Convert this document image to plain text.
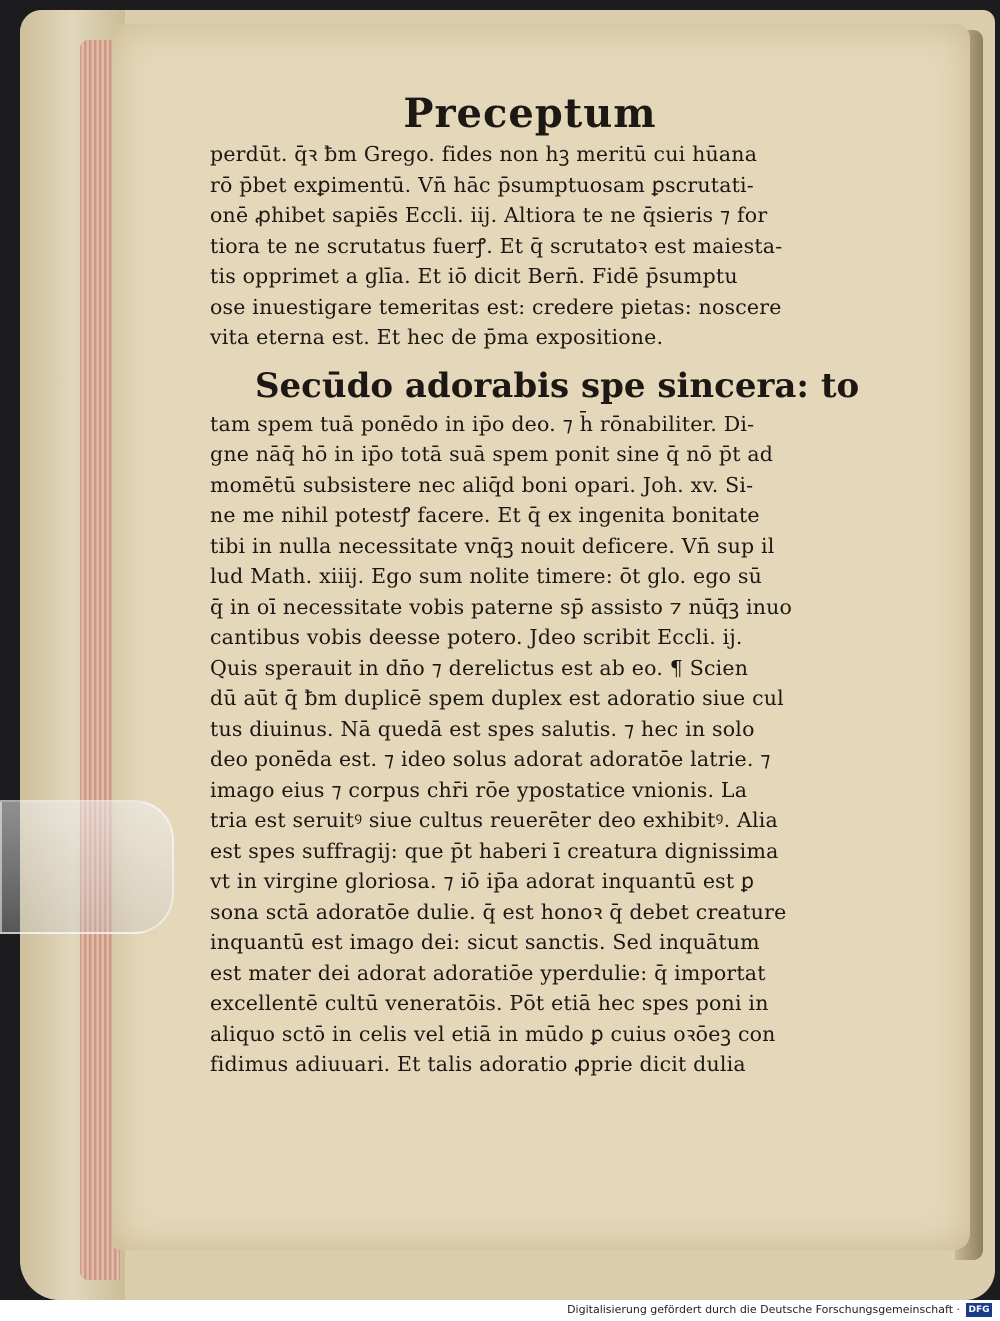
Preceptum
perdūt. q̄ꝛ ƀm Grego. fides non hꝫ meritū cui hūana
rō p̄bet exꝑimentū. Vn̄ hāc p̄sumptuosam ꝑscrutati-
onē ꝓhibet sapiēs Eccli. iij. Altiora te ne q̄sieris ⁊ for
tiora te ne scrutatus fuerꝭ. Et q̄ scrutatoꝛ est maiesta-
tis opprimet a glīa. Et iō dicit Bern̄. Fidē p̄sumptu
ose inuestigare temeritas est: credere pietas: noscere
vita eterna est. Et hec de p̄ma expositione.
Secūdo adorabis spe sincera: to
tam spem tuā ponēdo in ip̄o deo. ⁊ h̄ rōnabiliter. Di-
gne nāq̄ hō in ip̄o totā suā spem ponit sine q̄ nō p̄t ad
momētū subsistere nec aliq̄d boni opari. Joh. xv. Si-
ne me nihil potestꝭ facere. Et q̄ ex ingenita bonitate
tibi in nulla necessitate vnq̄ꝫ nouit deficere. Vn̄ sup il
lud Math. xiiij. Ego sum nolite timere: ōt glo. ego sū
q̄ in oī necessitate vobis paterne sp̄ assisto ⁊ nūq̄ꝫ inuo
cantibus vobis deesse potero. Jdeo scribit Eccli. ij.
Quis sperauit in dn̄o ⁊ derelictus est ab eo. ¶ Scien
dū aūt q̄ ƀm duplicē spem duplex est adoratio siue cul
tus diuinus. Nā quedā est spes salutis. ⁊ hec in solo
deo ponēda est. ⁊ ideo solus adorat adoratōe latrie. ⁊
imago eius ⁊ corpus chr̄i rōe ypostatice vnionis. La
tria est seruitꝰ siue cultus reuerēter deo exhibitꝰ. Alia
est spes suffragij: que p̄t haberi ī creatura dignissima
vt in virgine gloriosa. ⁊ iō ip̄a adorat inquantū est ꝑ
sona sctā adoratōe dulie. q̄ est honoꝛ q̄ debet creature
inquantū est imago dei: sicut sanctis. Sed inquātum
est mater dei adorat adoratiōe yperdulie: q̄ importat
excellentē cultū veneratōis. Pōt etiā hec spes poni in
aliquo sctō in celis vel etiā in mūdo ꝑ cuius oꝛōeꝫ con
fidimus adiuuari. Et talis adoratio ꝓprie dicit dulia
Digitalisierung gefördert durch die Deutsche Forschungsgemeinschaft · DFG
